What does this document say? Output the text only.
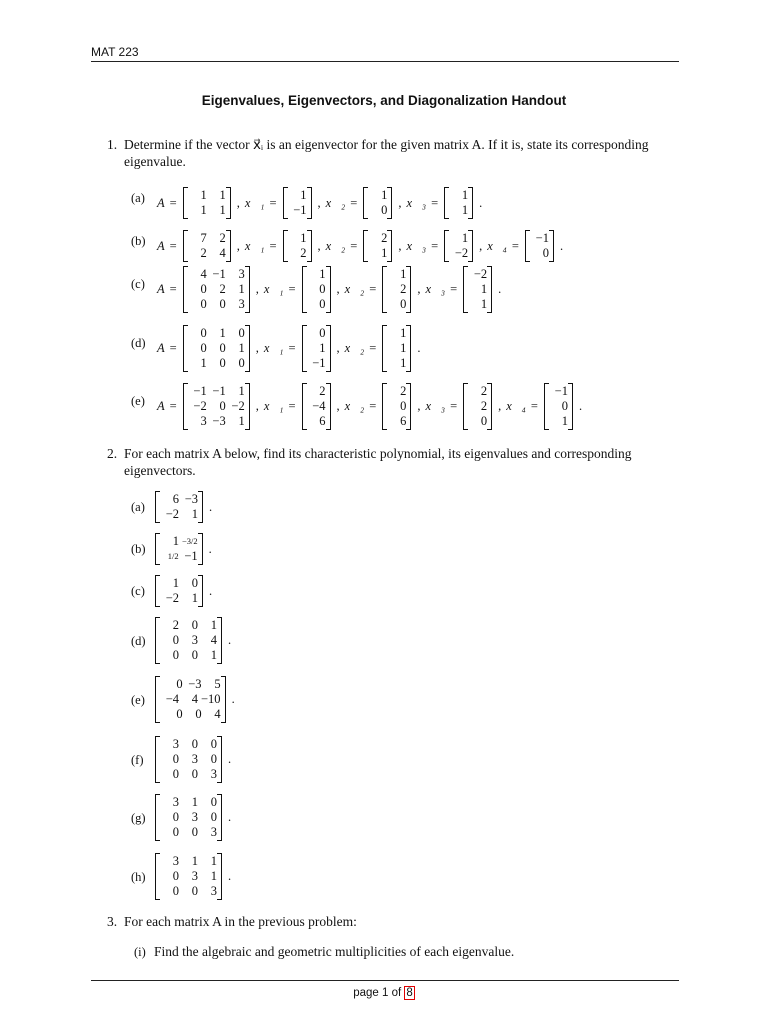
MAT 223
Eigenvalues, Eigenvectors, and Diagonalization Handout
1. Determine if the vector x⃗ᵢ is an eigenvector for the given matrix A. If it is, state its corresponding eigenvalue.
(a) A =
1	1
1	1
, x⃗₁ =
1
−1
, x⃗₂ =
1
0
, x⃗₃ =
1
1
.
(b) A =
7	2
2	4
, x⃗₁ =
1
2
, x⃗₂ =
2
1
, x⃗₃ =
1
−2
, x⃗₄ =
−1
0
.
(c) A =
4 −1	3
0	2	1
0	0	3
, x⃗₁ =
1
0
0
, x⃗₂ =
1
2
0
, x⃗₃ =
−2
1
1
.
(d) A =
0	1	0
0	0	1
1	0	0
, x⃗₁ =
0
1
−1
, x⃗₂ =
1
1
1
.
(e) A =
−1 −1	1
−2	0 −2
3 −3	1
, x⃗₁ =
2
−4
6
, x⃗₂ =
2
0
6
, x⃗₃ =
2
2
0
, x⃗₄ =
−1
0
1
.
2. For each matrix A below, find its characteristic polynomial, its eigenvalues and corresponding eigenvectors.
(a)
6 −3
−2	1
.
(b)
1 −3/2
1/2 −1
.
(c)
1	0
−2	1
.
(d)
2	0	1
0	3	4
0	0	1
.
(e)
0 −3	5
−4	4 −10
0	0	4
.
(f)
3	0	0
0	3	0
0	0	3
.
(g)
3	1	0
0	3	0
0	0	3
.
(h)
3	1	1
0	3	1
0	0	3
.
3. For each matrix A in the previous problem:
(i) Find the algebraic and geometric multiplicities of each eigenvalue.
page 1 of 8
